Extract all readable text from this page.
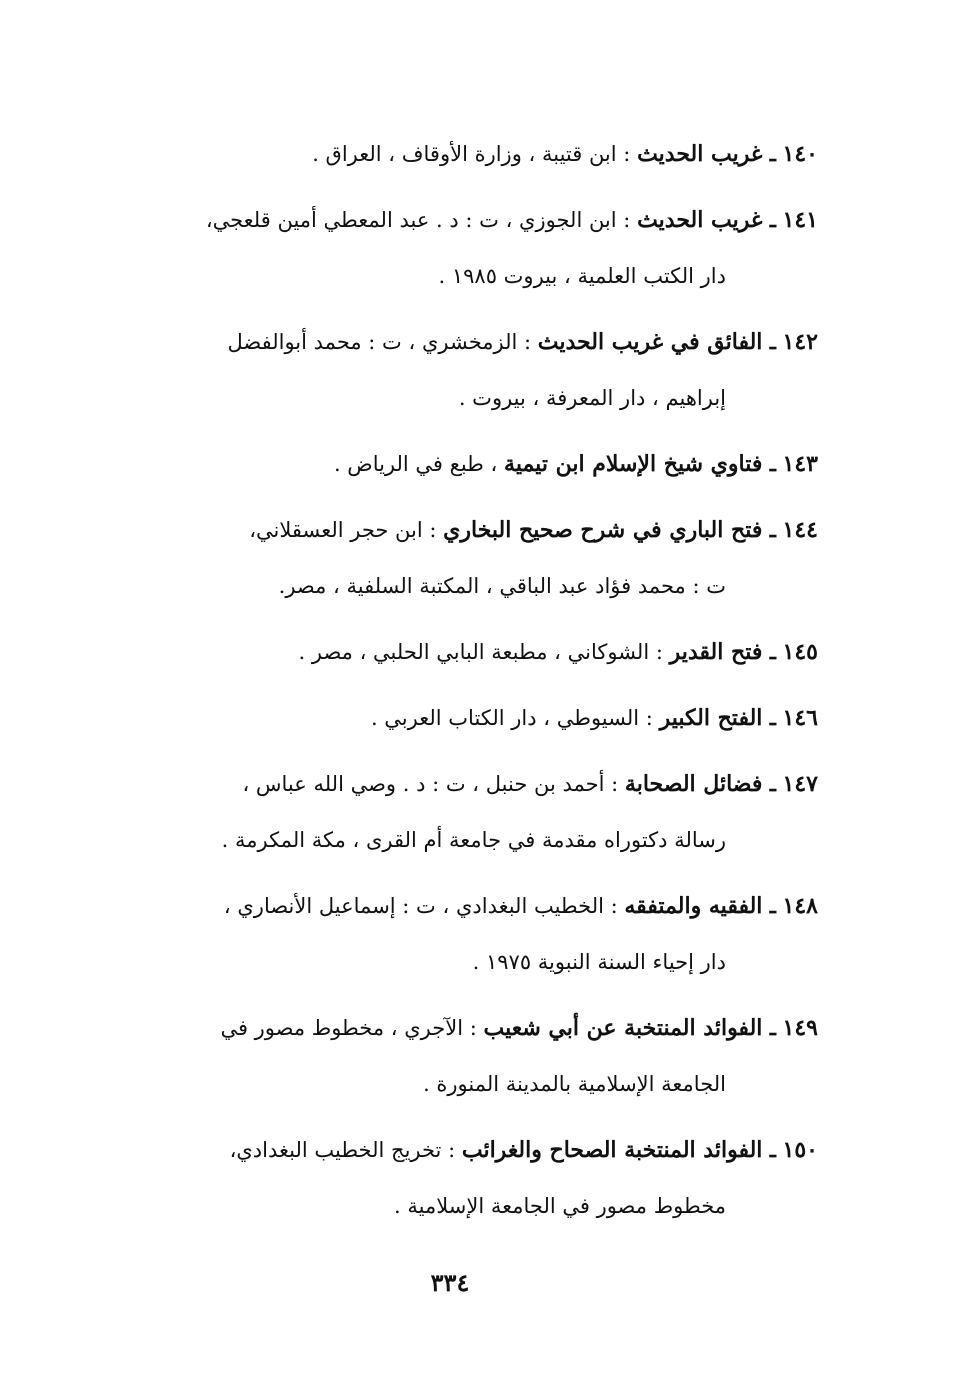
١٤٠ ـ غريب الحديث : ابن قتيبة ، وزارة الأوقاف ، العراق .
١٤١ ـ غريب الحديث : ابن الجوزي ، ت : د . عبد المعطي أمين قلعجي،
دار الكتب العلمية ، بيروت ١٩٨٥ .
١٤٢ ـ الفائق في غريب الحديث : الزمخشري ، ت : محمد أبوالفضل
إبراهيم ، دار المعرفة ، بيروت .
١٤٣ ـ فتاوي شيخ الإسلام ابن تيمية ، طبع في الرياض .
١٤٤ ـ فتح الباري في شرح صحيح البخاري : ابن حجر العسقلاني،
ت : محمد فؤاد عبد الباقي ، المكتبة السلفية ، مصر.
١٤٥ ـ فتح القدير : الشوكاني ، مطبعة البابي الحلبي ، مصر .
١٤٦ ـ الفتح الكبير : السيوطي ، دار الكتاب العربي .
١٤٧ ـ فضائل الصحابة : أحمد بن حنبل ، ت : د . وصي الله عباس ،
رسالة دكتوراه مقدمة في جامعة أم القرى ، مكة المكرمة .
١٤٨ ـ الفقيه والمتفقه : الخطيب البغدادي ، ت : إسماعيل الأنصاري ،
دار إحياء السنة النبوية ١٩٧٥ .
١٤٩ ـ الفوائد المنتخبة عن أبي شعيب : الآجري ، مخطوط مصور في
الجامعة الإسلامية بالمدينة المنورة .
١٥٠ ـ الفوائد المنتخبة الصحاح والغرائب : تخريج الخطيب البغدادي،
مخطوط مصور في الجامعة الإسلامية .
٣٣٤
